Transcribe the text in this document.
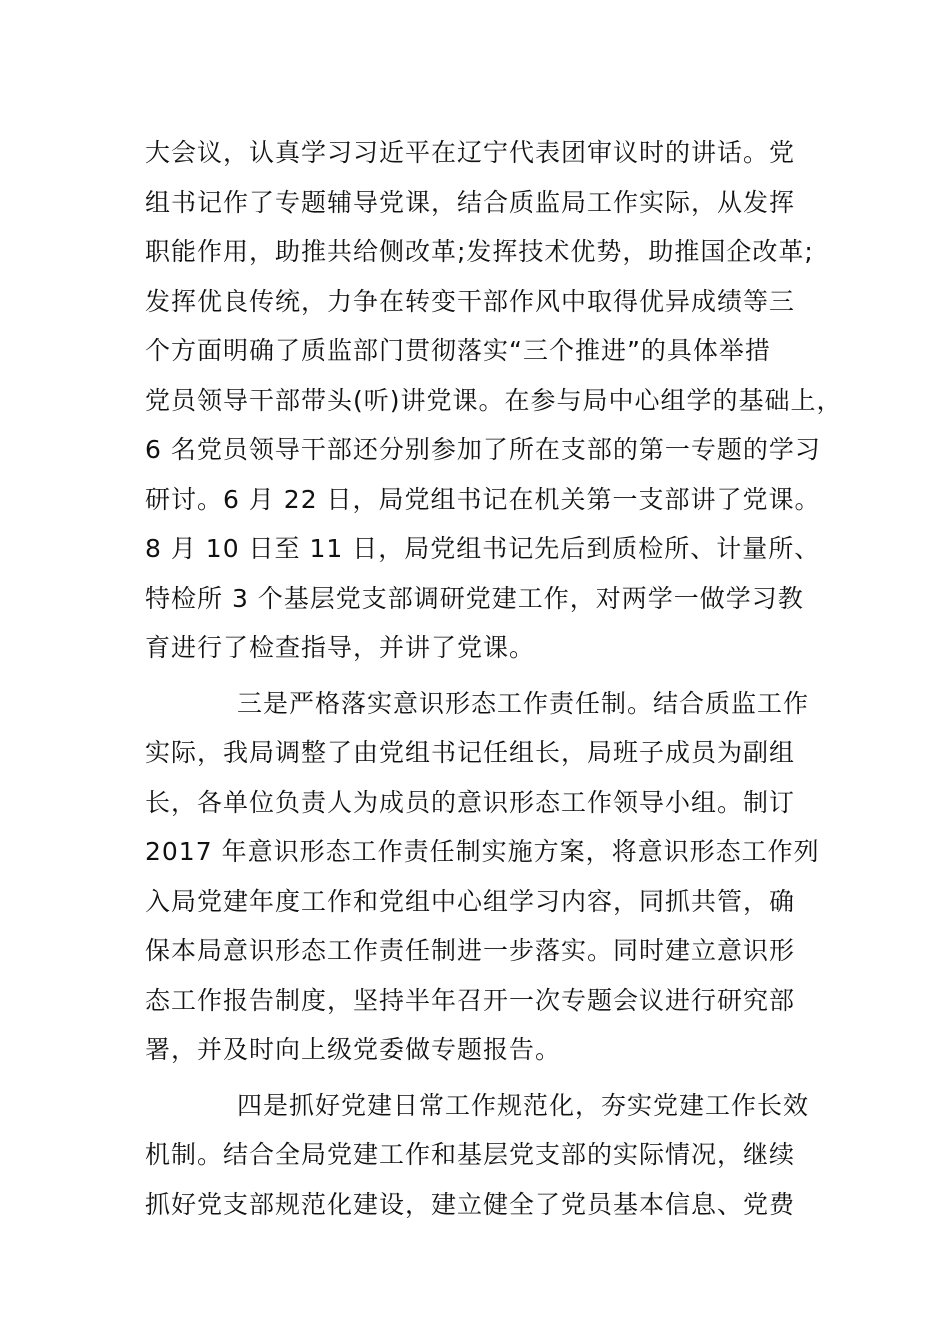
大会议，认真学习习近平在辽宁代表团审议时的讲话。党
组书记作了专题辅导党课，结合质监局工作实际，从发挥
职能作用，助推共给侧改革;发挥技术优势，助推国企改革;
发挥优良传统，力争在转变干部作风中取得优异成绩等三
个方面明确了质监部门贯彻落实“三个推进”的具体举措
党员领导干部带头(听)讲党课。在参与局中心组学的基础上，
6 名党员领导干部还分别参加了所在支部的第一专题的学习
研讨。6 月 22 日，局党组书记在机关第一支部讲了党课。
8 月 10 日至 11 日，局党组书记先后到质检所、计量所、
特检所 3 个基层党支部调研党建工作，对两学一做学习教
育进行了检查指导，并讲了党课。
三是严格落实意识形态工作责任制。结合质监工作
实际，我局调整了由党组书记任组长，局班子成员为副组
长，各单位负责人为成员的意识形态工作领导小组。制订
2017 年意识形态工作责任制实施方案，将意识形态工作列
入局党建年度工作和党组中心组学习内容，同抓共管，确
保本局意识形态工作责任制进一步落实。同时建立意识形
态工作报告制度，坚持半年召开一次专题会议进行研究部
署，并及时向上级党委做专题报告。
四是抓好党建日常工作规范化，夯实党建工作长效
机制。结合全局党建工作和基层党支部的实际情况，继续
抓好党支部规范化建设，建立健全了党员基本信息、党费
